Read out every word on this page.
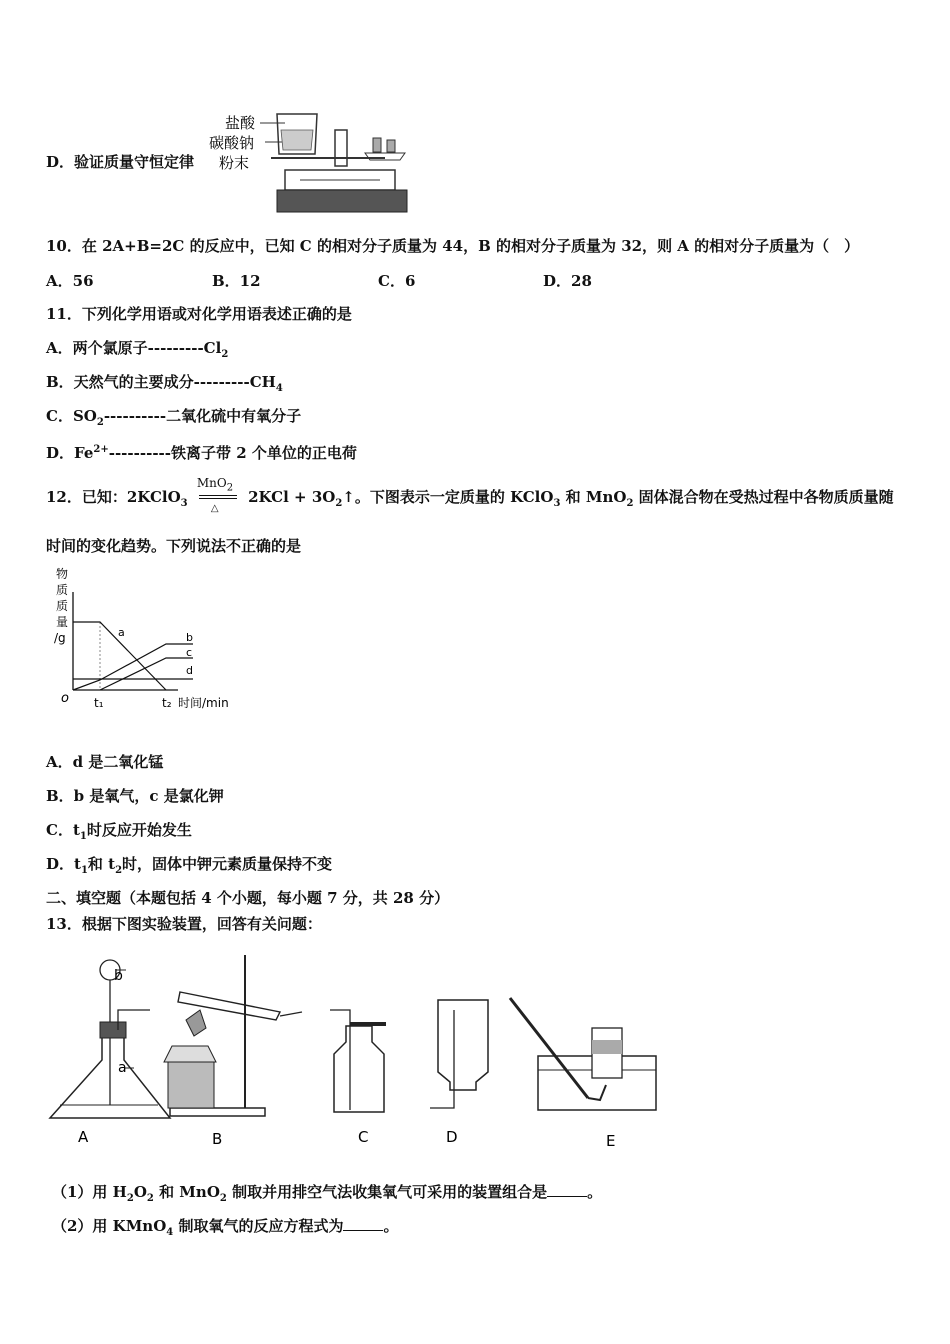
D．验证质量守恒定律
盐酸
碳酸钠
粉末
10．在 2A+B=2C 的反应中，已知 C 的相对分子质量为 44，B 的相对分子质量为 32，则 A 的相对分子质量为（　）
A．56	B．12	C．6	D．28
11．下列化学用语或对化学用语表述正确的是
A．两个氯原子$---------Cl_2$
B．天然气的主要成分$---------CH_4$
C．$SO_2----------$二氧化硫中有氧分子
D．$Fe^{2+}----------$铁离子带 2 个单位的正电荷
12．已知：2KClO$_3$
MnO$_2$
△
$2KCl + 3O_2↑$。下图表示一定质量的 KClO$_3$ 和 MnO$_2$ 固体混合物在受热过程中各物质质量随
时间的变化趋势。下列说法不正确的是
物
质
质
量
/g
o t₁	t₂ 时间/min
a	b
c
d
A．d 是二氧化锰
B．b 是氧气，c 是氯化钾
C．$t_1$时反应开始发生
D．$t_1$和 $t_2$时，固体中钾元素质量保持不变
二、填空题（本题包括 4 个小题，每小题 7 分，共 28 分）
13．根据下图实验装置，回答有关问题：
b
a
A	B	C	D	E
（1）用 $H_2O_2$ 和 MnO$_2$ 制取并用排空气法收集氧气可采用的装置组合是	。
（2）用 KMnO$_4$ 制取氧气的反应方程式为	。
